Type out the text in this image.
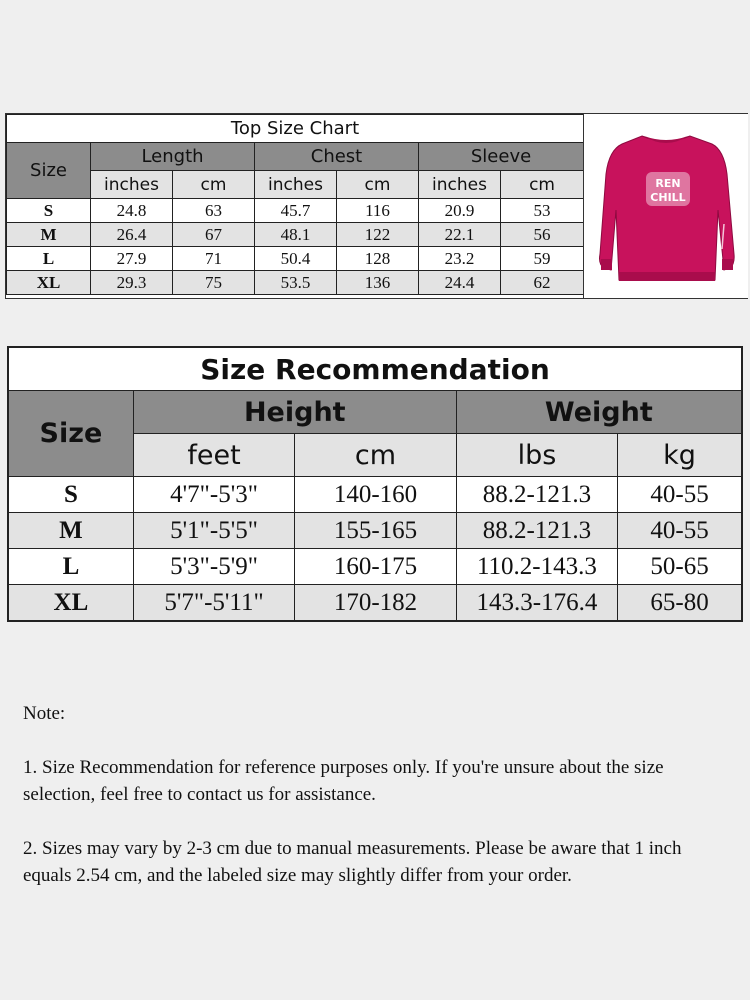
Top Size Chart						
Size	Length		Chest		Sleeve	
	inches	cm	inches	cm	inches	cm
S	24.8	63	45.7	116	20.9	53
M	26.4	67	48.1	122	22.1	56
L	27.9	71	50.4	128	23.2	59
XL	29.3	75	53.5	136	24.4	62
REN
CHILL
Size Recommendation				
Size	Height		Weight	
	feet	cm	lbs	kg
S	4'7"-5'3"	140-160	88.2-121.3	40-55
M	5'1"-5'5"	155-165	88.2-121.3	40-55
L	5'3"-5'9"	160-175	110.2-143.3	50-65
XL	5'7"-5'11"	170-182	143.3-176.4	65-80

Note:

1. Size Recommendation for reference purposes only. If you're unsure about the size selection, feel free to contact us for assistance.

2. Sizes may vary by 2-3 cm due to manual measurements. Please be aware that 1 inch equals 2.54 cm, and the labeled size may slightly differ from your order.
